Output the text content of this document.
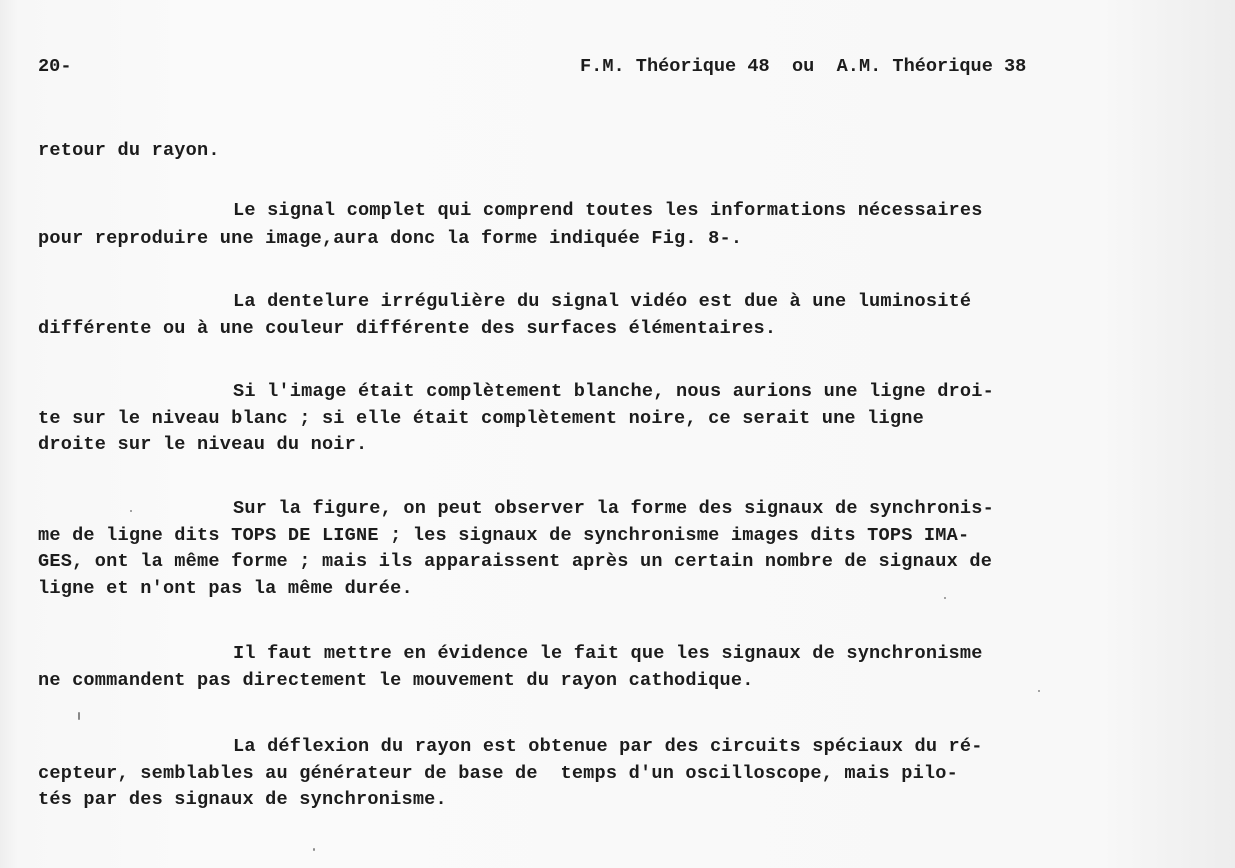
20-	F.M. Théorique 48  ou  A.M. Théorique 38
retour du rayon.
Le signal complet qui comprend toutes les informations nécessaires
pour reproduire une image,aura donc la forme indiquée Fig. 8-.
La dentelure irrégulière du signal vidéo est due à une luminosité
différente ou à une couleur différente des surfaces élémentaires.
Si l'image était complètement blanche, nous aurions une ligne droi-
te sur le niveau blanc ; si elle était complètement noire, ce serait une ligne
droite sur le niveau du noir.
Sur la figure, on peut observer la forme des signaux de synchronis-
me de ligne dits TOPS DE LIGNE ; les signaux de synchronisme images dits TOPS IMA-
GES, ont la même forme ; mais ils apparaissent après un certain nombre de signaux de
ligne et n'ont pas la même durée.
Il faut mettre en évidence le fait que les signaux de synchronisme
ne commandent pas directement le mouvement du rayon cathodique.
La déflexion du rayon est obtenue par des circuits spéciaux du ré-
cepteur, semblables au générateur de base de  temps d'un oscilloscope, mais pilo-
tés par des signaux de synchronisme.
